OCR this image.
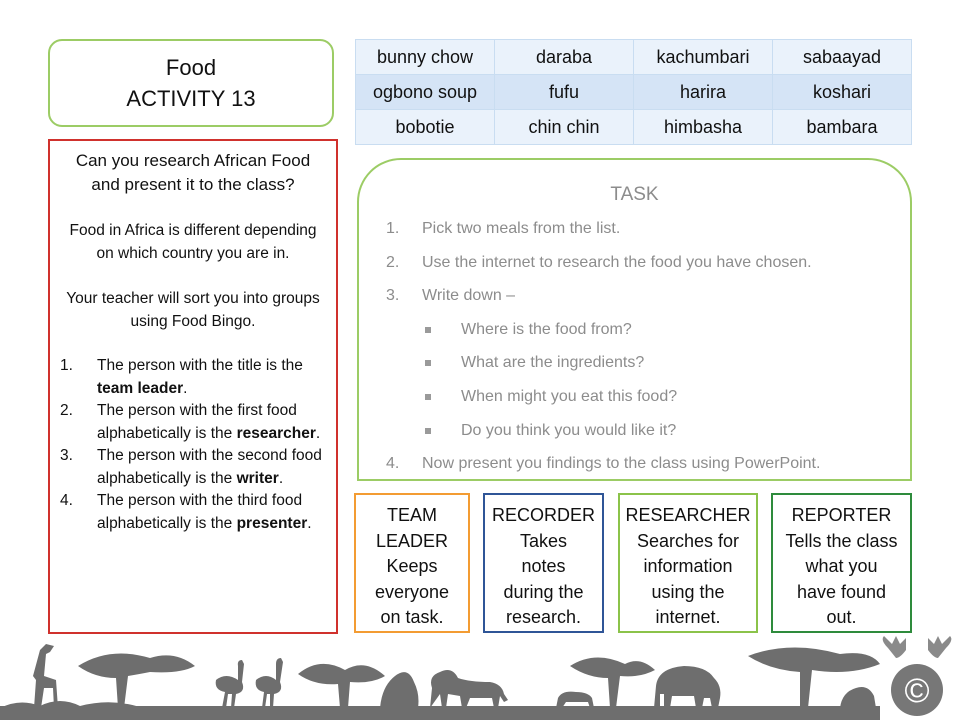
Food
ACTIVITY 13
bunny chow	daraba	kachumbari	sabaayad
ogbono soup	fufu	harira	koshari
bobotie	chin chin	himbasha	bambara
Can you research African Food and present it to the class?
Food in Africa is different depending on which country you are in.
Your teacher will sort you into groups using Food Bingo.
1.	The person with the title is the team leader.
2.	The person with the first food alphabetically is the researcher.
3.	The person with the second food alphabetically is the writer.
4.	The person with the third food alphabetically is the presenter.
TASK
1. Pick two meals from the list.
2. Use the internet to research the food you have chosen.
3. Write down –
Where is the food from?
What are the ingredients?
When might you eat this food?
Do you think you would like it?
4. Now present you findings to the class using PowerPoint.
TEAM
LEADER
Keeps
everyone
on task.
RECORDER
Takes
notes
during the
research.
RESEARCHER
Searches for
information
using the
internet.
REPORTER
Tells the class
what you
have found
out.
©
